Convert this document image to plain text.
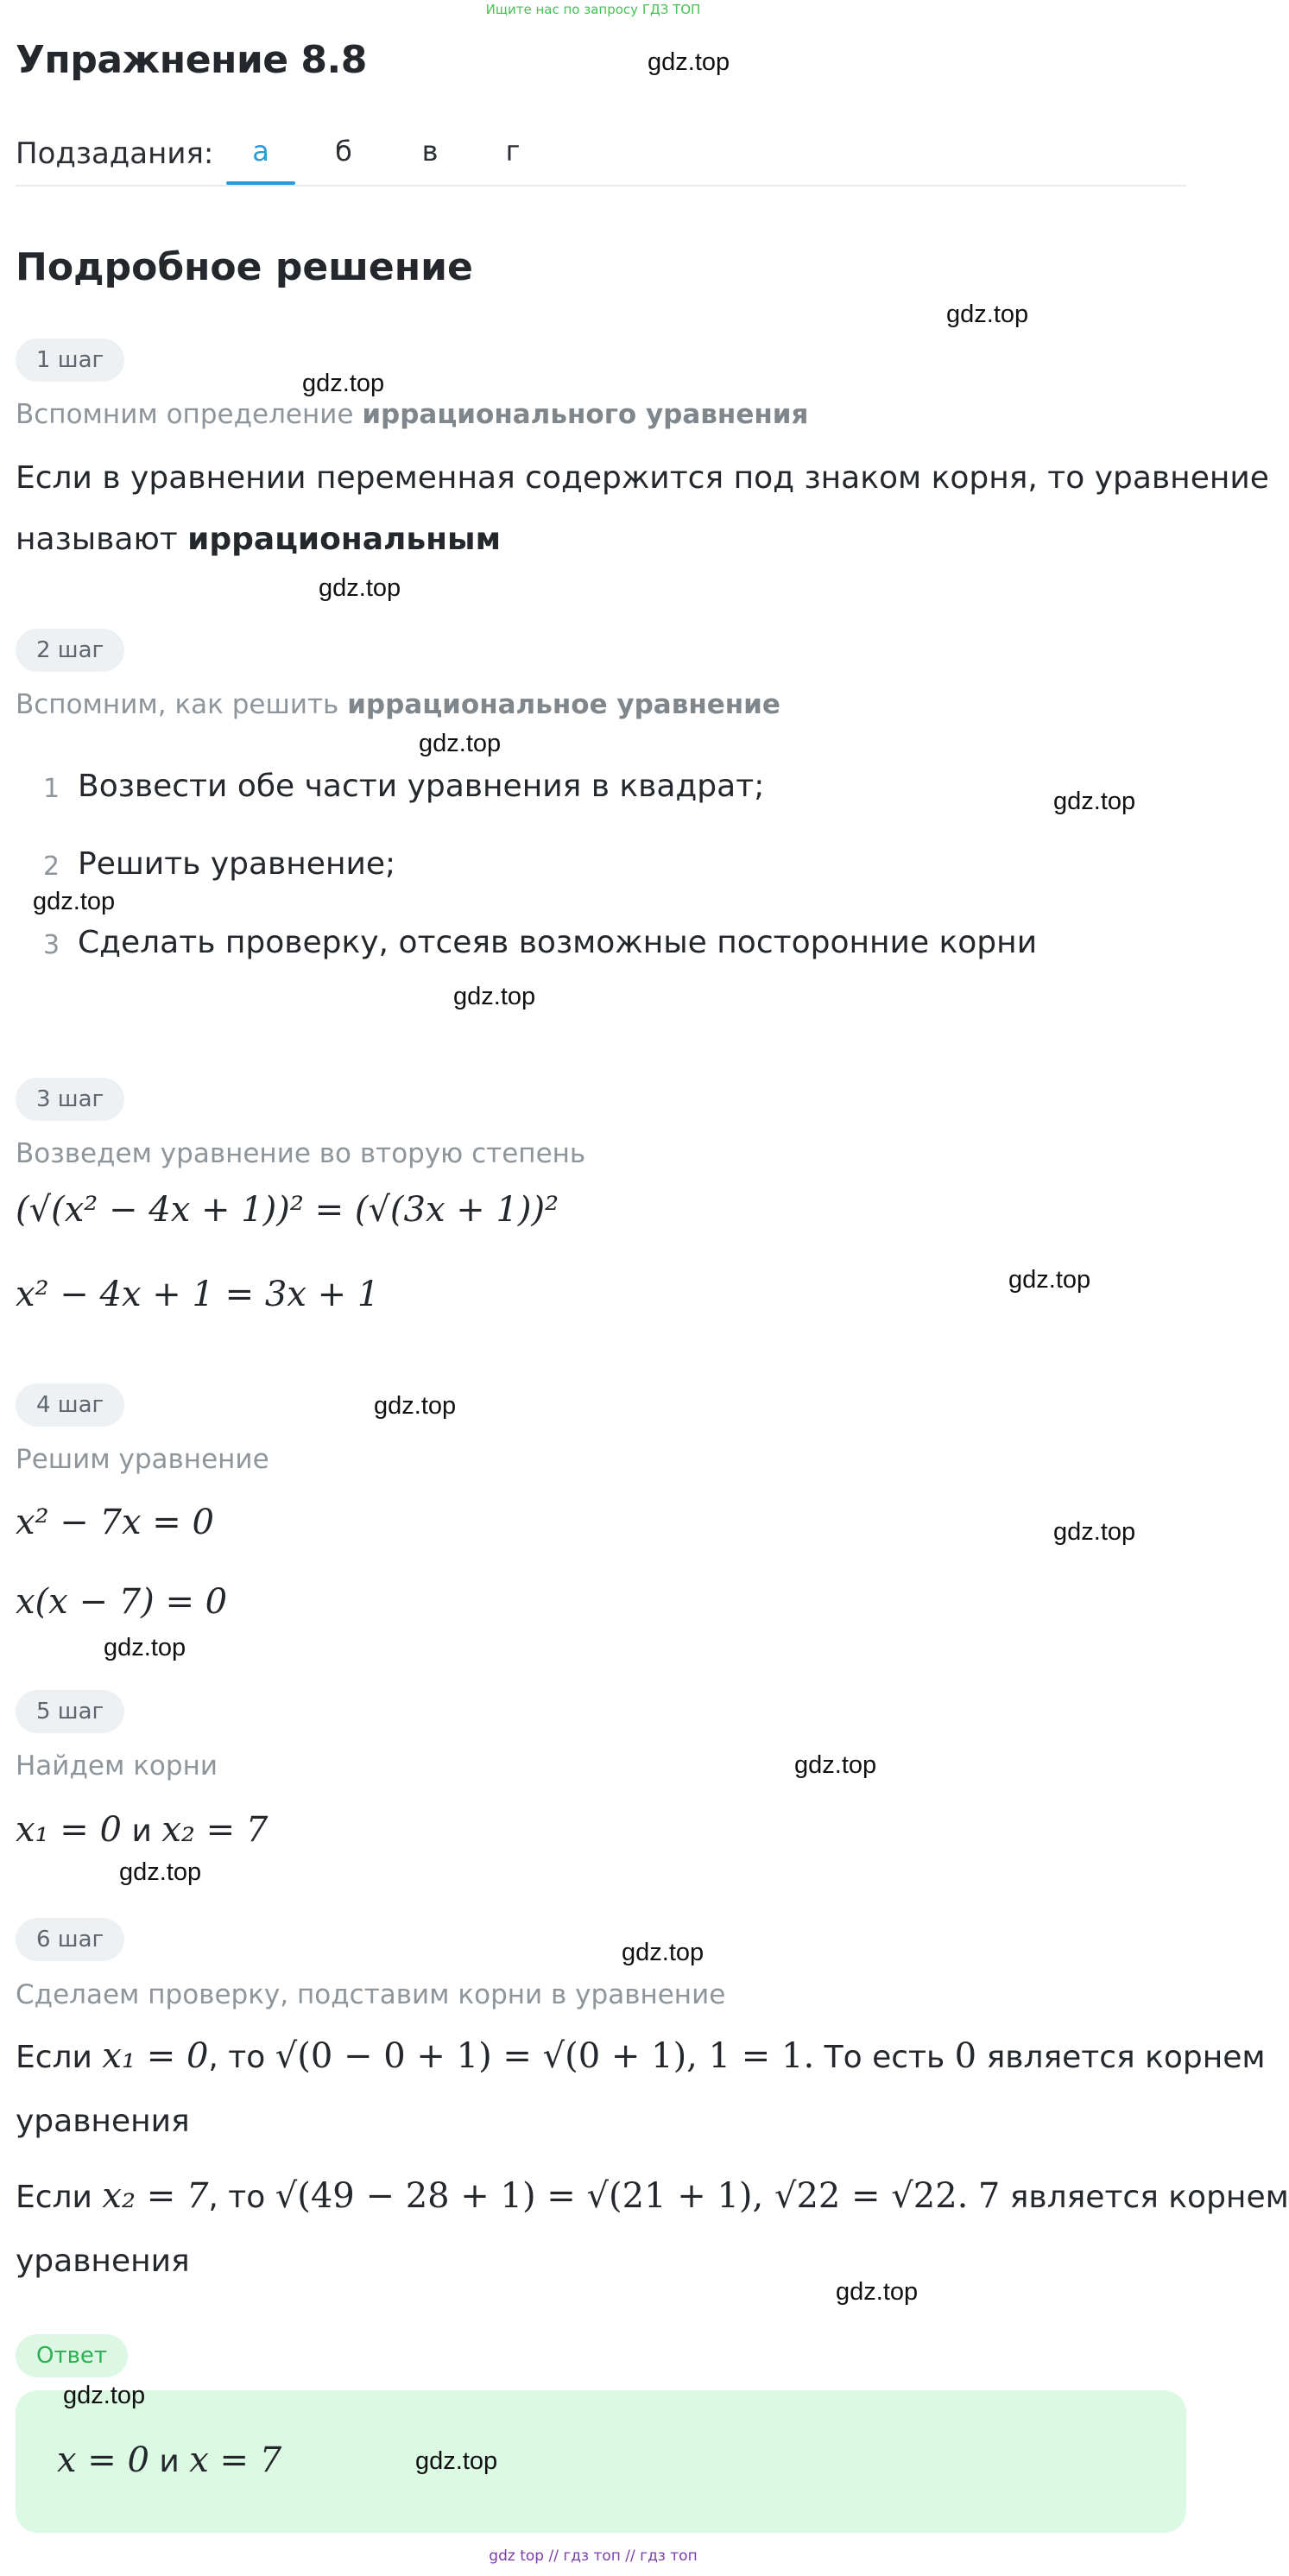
Ищите нас по запросу ГДЗ ТОП
Упражнение 8.8
Подзадания:	а	б	в	г
Подробное решение
1 шаг
Вспомним определение иррационального уравнения
Если в уравнении переменная содержится под знаком корня, то уравнение
называют иррациональным
2 шаг
Вспомним, как решить иррациональное уравнение
1 Возвести обе части уравнения в квадрат;
2 Решить уравнение;
3 Сделать проверку, отсеяв возможные посторонние корни
3 шаг
Возведем уравнение во вторую степень
(√(x² − 4x + 1))² = (√(3x + 1))²
x² − 4x + 1 = 3x + 1
4 шаг
Решим уравнение
x² − 7x = 0
x(x − 7) = 0
5 шаг
Найдем корни
x₁ = 0 и x₂ = 7
6 шаг
Сделаем проверку, подставим корни в уравнение
Если x₁ = 0, то √(0 − 0 + 1) = √(0 + 1), 1 = 1. То есть 0 является корнем
уравнения
Если x₂ = 7, то √(49 − 28 + 1) = √(21 + 1), √22 = √22. 7 является корнем
уравнения
Ответ
x = 0 и x = 7
gdz.top
gdz.top
gdz.top
gdz.top
gdz.top
gdz.top
gdz.top
gdz.top
gdz.top
gdz.top
gdz.top
gdz.top
gdz.top
gdz.top
gdz.top
gdz.top
gdz.top
gdz.top
gdz top // гдз топ // гдз топ
